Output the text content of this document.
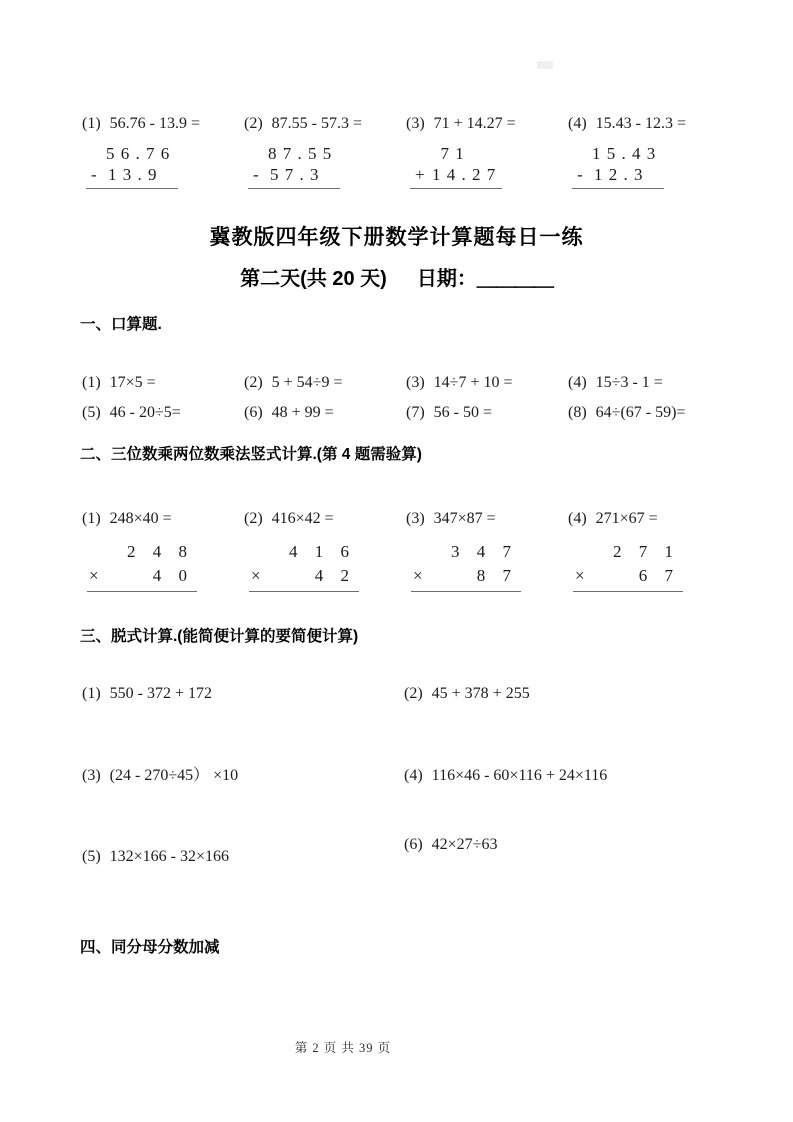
(1) 56.76 - 13.9 =
5 6 . 7 6
- 1 3 . 9
(2) 87.55 - 57.3 =
8 7 . 5 5
- 5 7 . 3
(3) 71 + 14.27 =
7 1
+ 1 4 . 2 7
(4) 15.43 - 12.3 =
1 5 . 4 3
- 1 2 . 3
冀教版四年级下册数学计算题每日一练
第二天(共 20 天) 日期：＿＿＿＿
一、口算题.
(1) 17×5 =	(2) 5 + 54÷9 =	(3) 14÷7 + 10 =	(4) 15÷3 - 1 =
(5) 46 - 20÷5=	(6) 48 + 99 =	(7) 56 - 50 =	(8) 64÷(67 - 59)=
二、三位数乘两位数乘法竖式计算.(第 4 题需验算)
(1) 248×40 =
2 4 8
×	4 0
(2) 416×42 =
4 1 6
×	4 2
(3) 347×87 =
3 4 7
×	8 7
(4) 271×67 =
2 7 1
×	6 7
三、脱式计算.(能简便计算的要简便计算)
(1) 550 - 372 + 172	(2) 45 + 378 + 255
(3) (24 - 270÷45） ×10	(4) 116×46 - 60×116 + 24×116
(5) 132×166 - 32×166
(6) 42×27÷63
四、同分母分数加减
第 2 页 共 39 页
